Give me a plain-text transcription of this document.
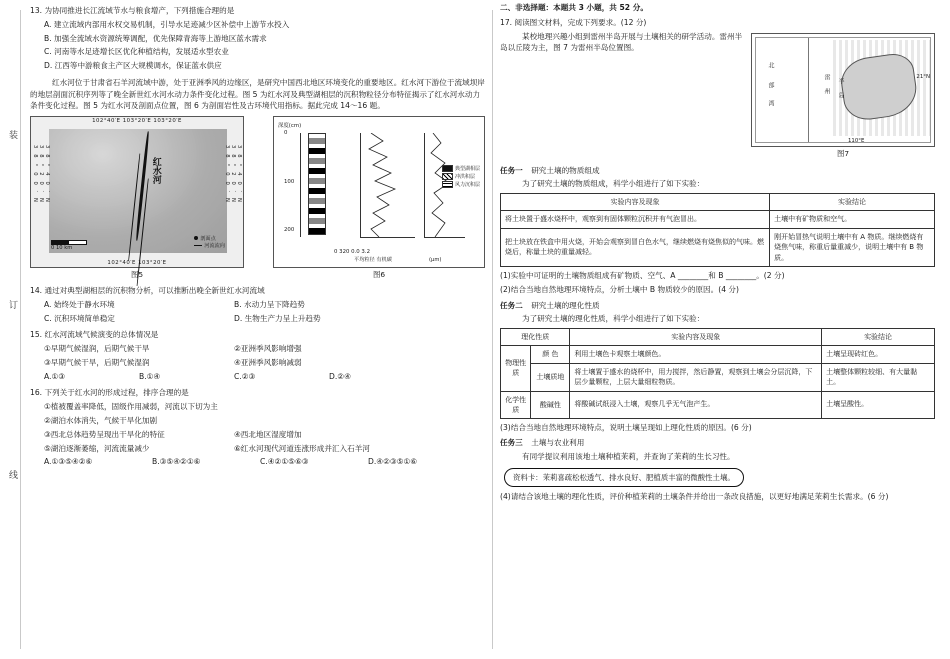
装
订
线

13. 为协同推进长江流域节水与粮食增产，下列措施合理的是

A. 建立流域内部用水权交易机制，引导水足迹减少区补偿中上游节水投入

B. 加强全流域水资源统筹调配，优先保障青海等上游地区蓝水需求

C. 河南等水足迹增长区优化种植结构，发展适水型农业

D. 江西等中游粮食主产区大规模调水，保证蓝水供应

红水河位于甘肃省石羊河流域中游，处于亚洲季风的边缘区，是研究中国西北地区环境变化的重要地区。红水河下游位于流域坝岸的地层剖面沉积序列等了晚全新世红水河水动力条件变化过程。图 5 为红水河及典型湖相层的沉积物粒径分布特征揭示了红水河水动力条件变化过程。图 5 为红水河及剖面点位置，图 6 为剖面岩性及古环境代用指标。据此完成 14～16 题。

红水河
102°40′E 103°20′E 103°20′E
102°40′E 103°20′E
38°40′N 38°20′N 38°00′N	38°40′N 38°20′N 38°00′N
剖面点
河流流向
0 10 km
图5
深度(cm)
0
100
200
典型湖相层
冲洪积层
风力沉积层
0 320 0.0 3.2
平均粒径 有机碳	(μm)
图6

14. 通过对典型湖相层的沉积物分析，可以推断出晚全新世红水河流域

A. 始终处于静水环境	B. 水动力呈下降趋势

C. 沉积环境简单稳定	D. 生物生产力呈上升趋势

15. 红水河流域气候演变的总体情况是

①早期气候湿润，后期气候干旱	②亚洲季风影响增强

③早期气候干旱，后期气候湿润	④亚洲季风影响减弱

A.①③	B.①④	C.②③	D.②④

16. 下列关于红水河的形成过程，排序合理的是

①植被覆盖率降低，固级作用减弱，河流以下切为主

②湖泊水体消失，气候干旱化加剧

③西北总体趋势呈现出干旱化的特征	④西北地区湿度增加

⑤湖泊逐渐萎缩，河流流量减少	⑥红水河现代河道连涨形成并汇入石羊河

A.①③⑤④②⑥	B.③⑤④②①⑥	C.④②①⑤⑥③	D.④②③⑤①⑥

二、非选择题：本题共 3 小题，共 52 分。

17. 阅读图文材料，完成下列要求。(12 分)

北
部
湾
雷
州
半
岛
21°N
110°E
图7

某校地理兴趣小组到雷州半岛开展与土壤相关的研学活动。雷州半岛以丘陵为主，图 7 为雷州半岛位置图。

任务一 研究土壤的物质组成

为了研究土壤的物质组成，科学小组进行了如下实验：

实验内容及现象	实验结论
将土块置于盛水烧杯中，观察到有固体颗粒沉积并有气泡冒出。	土壤中有矿物质和空气。
把土块放在铁盒中用火烧，开始会观察到冒白色水气，继续燃烧有烧焦似的气味。燃烧后，称量土块的重量减轻。	刚开始冒热气说明土壤中有 A 物质。继续燃烧有烧焦气味，称重后量重减少，说明土壤中有 B 物质。

(1)实验中可证明的土壤物质组成有矿物质、空气、A ________和 B ________。(2 分)

(2)结合当地自然地理环境特点，分析土壤中 B 物质较少的原因。(4 分)

任务二 研究土壤的理化性质

为了研究土壤的理化性质，科学小组进行了如下实验：

理化性质		实验内容及现象	实验结论
物理性质	颜 色	利用土壤色卡观察土壤颜色。	土壤呈现砖红色。
	土壤质地	将土壤置于盛水的烧杯中，用力搅拌，然后静置，观察到土壤会分层沉降，下层少量颗粒，上层大量细粒物质。	土壤整体颗粒较细、有大量黏土。
化学性质	酸碱性	将酸碱试纸浸入土壤，观察几乎无气泡产生。	土壤呈酸性。

(3)结合当地自然地理环境特点，说明土壤呈现如上理化性质的原因。(6 分)

任务三 土壤与农业利用

有同学提议利用该地土壤种植茉莉，并查询了茉莉的生长习性。

资料卡：茉莉喜疏松松透气、排水良好、肥植质丰富的微酸性土壤。

(4)请结合该地土壤的理化性质，评价种植茉莉的土壤条件并给出一条改良措施，以更好地满足茉莉生长需求。(6 分)
